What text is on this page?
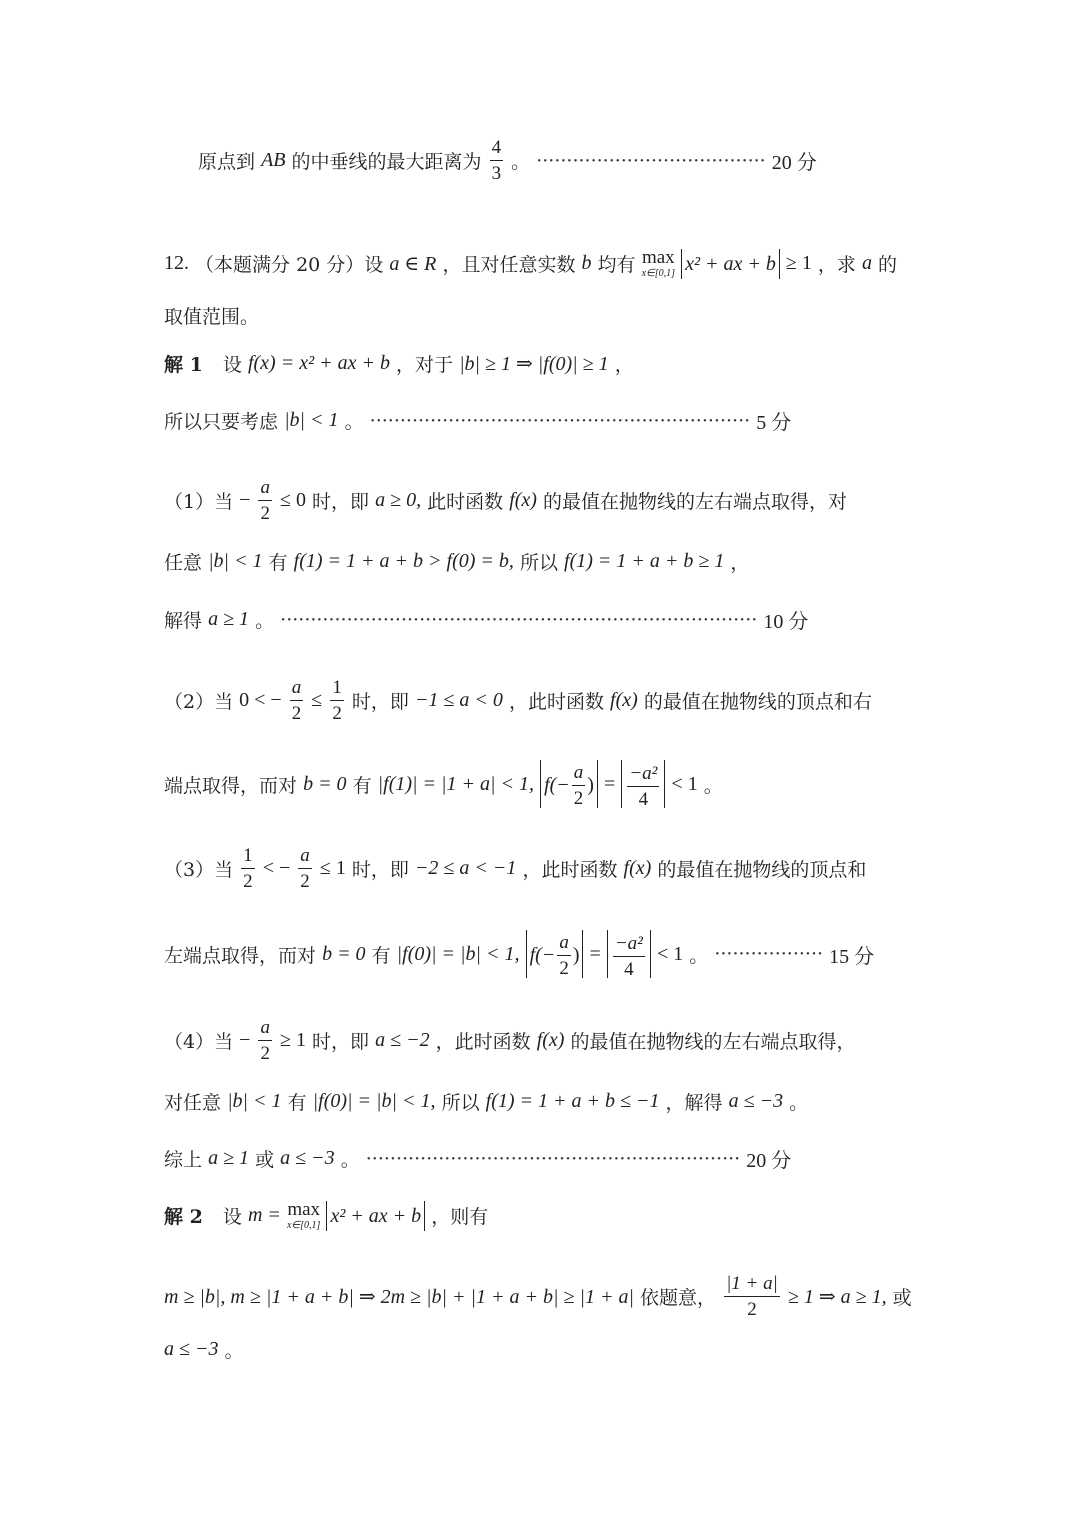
原点到 AB 的中垂线的最大距离为 $\frac{4}{3}$ 。 ······································ 20 分
12. （本题满分 20 分）设 a ∈ R ，且对任意实数 b 均有 max
x∈[0,1] x² + ax + b ≥ 1 ，求 a 的
取值范围。
解 1 设 f(x) = x² + ax + b ，对于 |b| ≥ 1 ⇒ |f(0)| ≥ 1 ，
所以只要考虑 |b| < 1 。 ······························································· 5 分
（1）当 − $\frac{a}{2} \le 0$ 时，即 a ≥ 0, 此时函数 f(x) 的最值在抛物线的左右端点取得，对
任意 |b| < 1 有 f(1) = 1 + a + b > f(0) = b, 所以 f(1) = 1 + a + b ≥ 1 ，
解得 a ≥ 1 。 ··············································································· 10 分
（2）当 0 < − $\frac{a}{2} \le \frac{1}{2}$ 时，即 −1 ≤ a < 0 ，此时函数 f(x) 的最值在抛物线的顶点和右
端点取得，而对 b = 0 有 |f(1)| = |1 + a| < 1, $f(- \frac{a}{2}$ ) = $\frac{\text{−a²}}{4} < 1$ 。
（3）当 $\frac{1}{2}$ < − $\frac{a}{2} \le 1$ 时，即 −2 ≤ a < −1 ，此时函数 f(x) 的最值在抛物线的顶点和
左端点取得，而对 b = 0 有 |f(0)| = |b| < 1, $f(- \frac{a}{2}$ ) = $\frac{\text{−a²}}{4} < 1$ 。 ·················· 15 分
（4）当 − $\frac{a}{2} \ge 1$ 时，即 a ≤ −2 ，此时函数 f(x) 的最值在抛物线的左右端点取得，
对任意 |b| < 1 有 |f(0)| = |b| < 1, 所以 f(1) = 1 + a + b ≤ −1 ，解得 a ≤ −3 。
综上 a ≥ 1 或 a ≤ −3 。 ······························································ 20 分
解 2 设 m = max
x∈[0,1] x² + ax + b ，则有
m ≥ |b|, m ≥ |1 + a + b| ⇒ 2m ≥ |b| + |1 + a + b| ≥ |1 + a| 依题意， $\frac{|1 + a|}{2} \ge 1$ ⇒ a ≥ 1, 或
a ≤ −3 。
